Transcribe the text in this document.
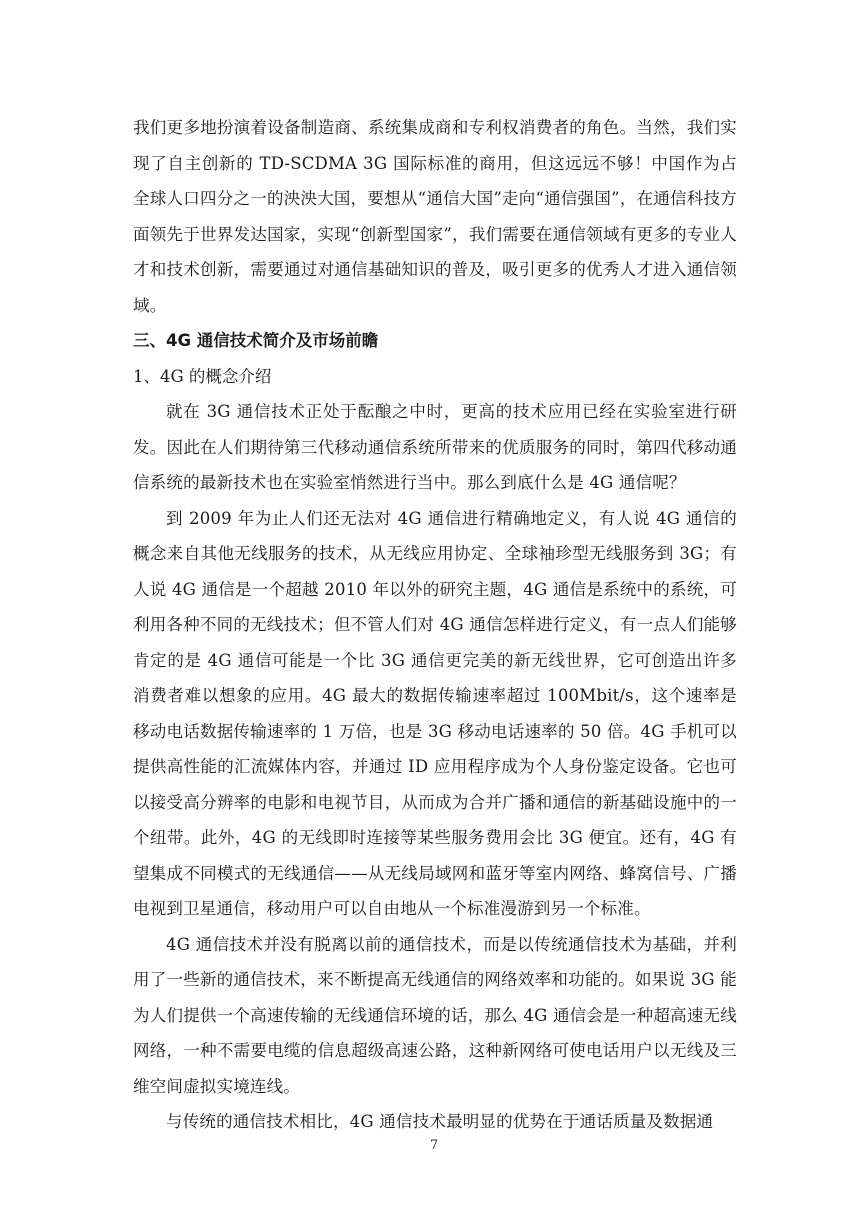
我们更多地扮演着设备制造商、系统集成商和专利权消费者的角色。当然，我们实现了自主创新的 TD-SCDMA 3G 国际标准的商用，但这远远不够！中国作为占全球人口四分之一的泱泱大国，要想从“通信大国”走向“通信强国”，在通信科技方面领先于世界发达国家，实现“创新型国家”，我们需要在通信领域有更多的专业人才和技术创新，需要通过对通信基础知识的普及，吸引更多的优秀人才进入通信领域。

三、4G 通信技术简介及市场前瞻

1、4G 的概念介绍

就在 3G 通信技术正处于酝酿之中时，更高的技术应用已经在实验室进行研发。因此在人们期待第三代移动通信系统所带来的优质服务的同时，第四代移动通信系统的最新技术也在实验室悄然进行当中。那么到底什么是 4G 通信呢？

到 2009 年为止人们还无法对 4G 通信进行精确地定义，有人说 4G 通信的概念来自其他无线服务的技术，从无线应用协定、全球袖珍型无线服务到 3G；有人说 4G 通信是一个超越 2010 年以外的研究主题，4G 通信是系统中的系统，可利用各种不同的无线技术；但不管人们对 4G 通信怎样进行定义，有一点人们能够肯定的是 4G 通信可能是一个比 3G 通信更完美的新无线世界，它可创造出许多消费者难以想象的应用。4G 最大的数据传输速率超过 100Mbit/s，这个速率是移动电话数据传输速率的 1 万倍，也是 3G 移动电话速率的 50 倍。4G 手机可以提供高性能的汇流媒体内容，并通过 ID 应用程序成为个人身份鉴定设备。它也可以接受高分辨率的电影和电视节目，从而成为合并广播和通信的新基础设施中的一个纽带。此外，4G 的无线即时连接等某些服务费用会比 3G 便宜。还有，4G 有望集成不同模式的无线通信——从无线局域网和蓝牙等室内网络、蜂窝信号、广播电视到卫星通信，移动用户可以自由地从一个标准漫游到另一个标准。

4G 通信技术并没有脱离以前的通信技术，而是以传统通信技术为基础，并利用了一些新的通信技术，来不断提高无线通信的网络效率和功能的。如果说 3G 能为人们提供一个高速传输的无线通信环境的话，那么 4G 通信会是一种超高速无线网络，一种不需要电缆的信息超级高速公路，这种新网络可使电话用户以无线及三维空间虚拟实境连线。

与传统的通信技术相比，4G 通信技术最明显的优势在于通话质量及数据通

7
